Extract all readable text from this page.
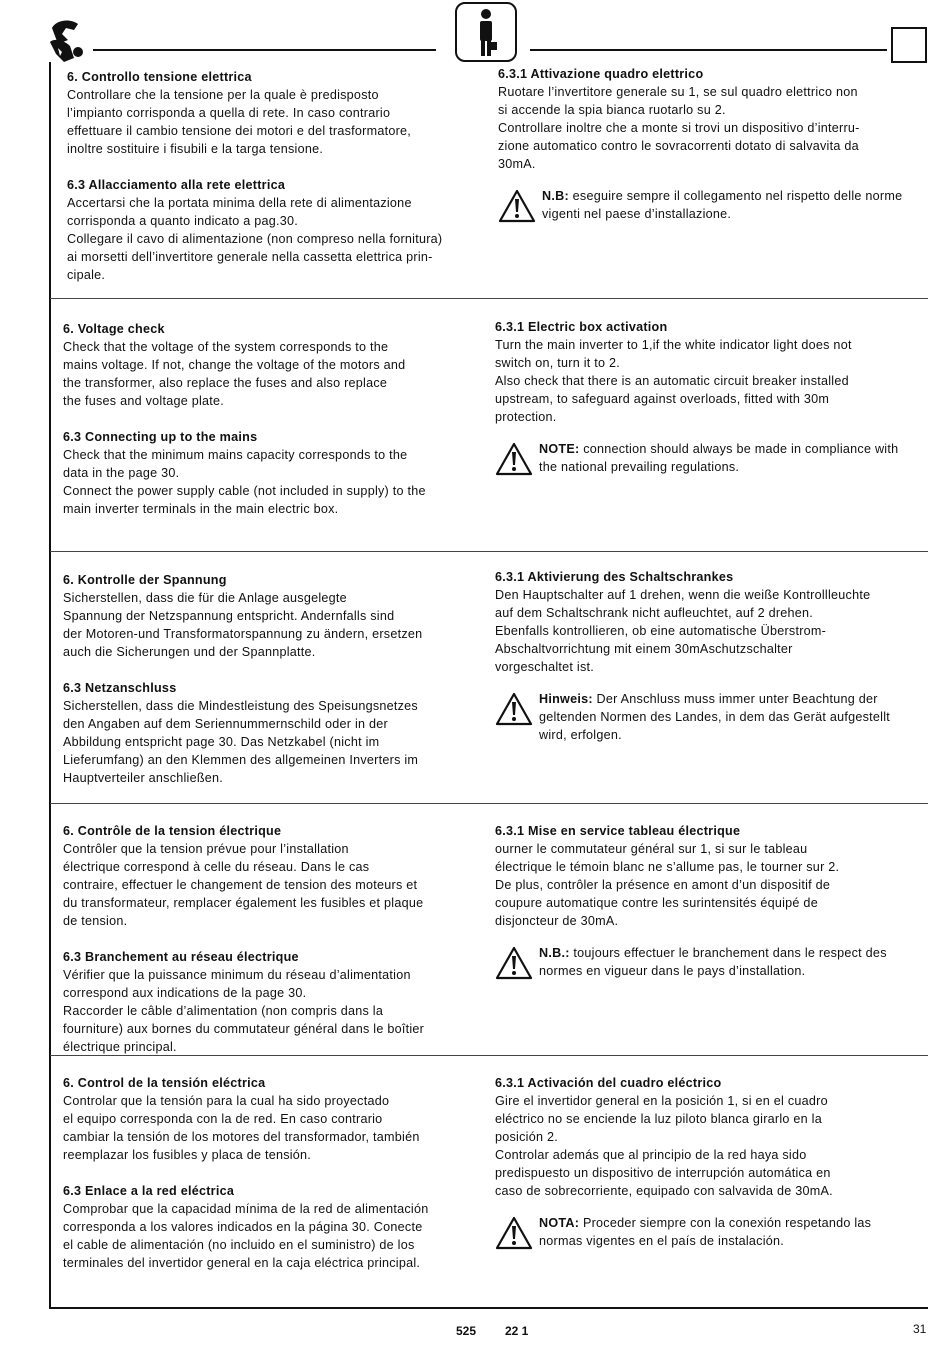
6. Controllo tensione elettrica

Controllare che la tensione per la quale è predisposto

l’impianto corrisponda a quella di rete. In caso contrario

effettuare il cambio tensione dei motori e del trasformatore,

inoltre sostituire i fisubili e la targa tensione.

6.3 Allacciamento alla rete elettrica

Accertarsi che la portata minima della rete di alimentazione

corrisponda a quanto indicato a pag.30.

Collegare il cavo di alimentazione (non compreso nella fornitura)

ai morsetti dell’invertitore generale nella cassetta elettrica prin-

cipale.

6.3.1 Attivazione quadro elettrico

Ruotare l’invertitore generale su 1, se sul quadro elettrico non

si accende la spia bianca ruotarlo su 2.

Controllare inoltre che a monte si trovi un dispositivo d’interru-

zione automatico contro le sovracorrenti dotato di salvavita da

30mA.

N.B: eseguire sempre il collegamento nel rispetto delle norme vigenti nel paese d’installazione.

6. Voltage check

Check that the voltage of the system corresponds to the

mains voltage. If not, change the voltage of the motors and

the transformer, also replace the fuses and also replace

the fuses and voltage plate.

6.3 Connecting up to the mains

Check that the minimum mains capacity corresponds to the

data in the page 30.

Connect the power supply cable (not included in supply) to the

main inverter terminals in the main electric box.

6.3.1 Electric box activation

Turn the main inverter to 1,if the white indicator light does not

switch on, turn it to 2.

Also check that there is an automatic circuit breaker installed

upstream, to safeguard against overloads, fitted with 30m

protection.

NOTE: connection should always be made in compliance with the national prevailing regulations.

6. Kontrolle der Spannung

Sicherstellen, dass die für die Anlage ausgelegte

Spannung der Netzspannung entspricht. Andernfalls sind

der Motoren-und Transformatorspannung zu ändern, ersetzen

auch die Sicherungen und der Spannplatte.

6.3 Netzanschluss

Sicherstellen, dass die Mindestleistung des Speisungsnetzes

den Angaben auf dem Seriennummernschild oder in der

Abbildung entspricht page 30. Das Netzkabel (nicht im

Lieferumfang) an den Klemmen des allgemeinen Inverters im

Hauptverteiler anschließen.

6.3.1 Aktivierung des Schaltschrankes

Den Hauptschalter auf 1 drehen, wenn die weiße Kontrollleuchte

auf dem Schaltschrank nicht aufleuchtet, auf 2 drehen.

Ebenfalls kontrollieren, ob eine automatische Überstrom-

Abschaltvorrichtung mit einem 30mAschutzschalter

vorgeschaltet ist.

Hinweis: Der Anschluss muss immer unter Beachtung der geltenden Normen des Landes, in dem das Gerät aufgestellt wird, erfolgen.

6. Contrôle de la tension électrique

Contrôler que la tension prévue pour l’installation

électrique correspond à celle du réseau. Dans le cas

contraire, effectuer le changement de tension des moteurs et

du transformateur, remplacer également les fusibles et plaque

de tension.

6.3 Branchement au réseau électrique

Vérifier que la puissance minimum du réseau d’alimentation

correspond aux indications de la page 30.

Raccorder le câble d’alimentation (non compris dans la

fourniture) aux bornes du commutateur général dans le boîtier

électrique principal.

6.3.1 Mise en service tableau électrique

ourner le commutateur général sur 1, si sur le tableau

électrique le témoin blanc ne s’allume pas, le tourner sur 2.

De plus, contrôler la présence en amont d’un dispositif de

coupure automatique contre les surintensités équipé de

disjoncteur de 30mA.

N.B.: toujours effectuer le branchement dans le respect des normes en vigueur dans le pays d’installation.

6. Control de la tensión eléctrica

Controlar que la tensión para la cual ha sido proyectado

el equipo corresponda con la de red. En caso contrario

cambiar la tensión de los motores del transformador, también

reemplazar los fusibles y placa de tensión.

6.3 Enlace a la red eléctrica

Comprobar que la capacidad mínima de la red de alimentación

corresponda a los valores indicados en la página 30. Conecte

el cable de alimentación (no incluido en el suministro) de los

terminales del invertidor general en la caja eléctrica principal.

6.3.1 Activación del cuadro eléctrico

Gire el invertidor general en la posición 1, si en el cuadro

eléctrico no se enciende la luz piloto blanca girarlo en la

posición 2.

Controlar además que al principio de la red haya sido

predispuesto un dispositivo de interrupción automática en

caso de sobrecorriente, equipado con salvavida de 30mA.

NOTA: Proceder siempre con la conexión respetando las normas vigentes en el país de instalación.
525 22 1	31
